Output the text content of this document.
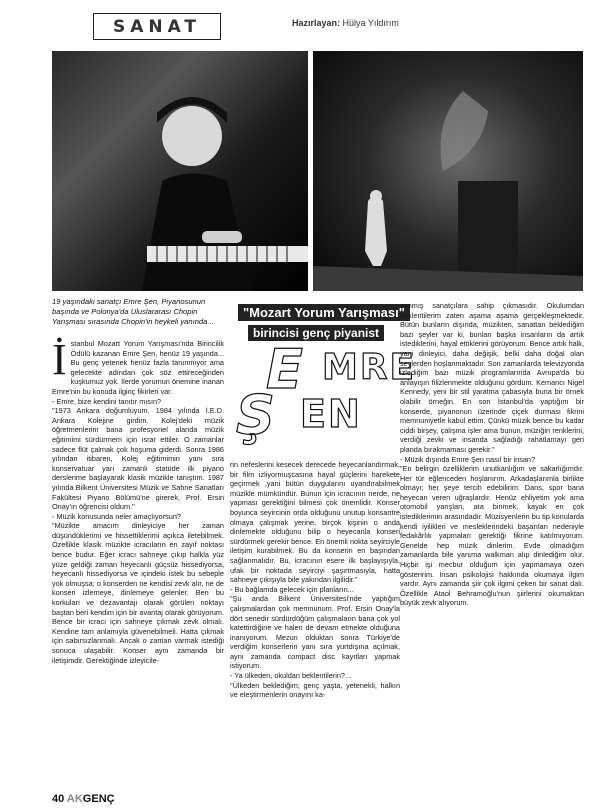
SANAT	Hazırlayan: Hülya Yıldırım
19 yaşındaki sanatçı Emre Şen, Piyanosunun başında ve Polonya'da Uluslararası Chopin Yarışması sırasında Chopin'in heykeli yanında...
"Mozart Yorum Yarışması"
birincisi genç piyanist
E MRE
Ş EN

İstanbul Mozart Yorum Yarışması'nda Birincilik Ödülü kazanan Emre Şen, henüz 19 yaşında... Bu genç yetenek henüz fazla tanınmıyor ama gelecekte adından çok söz ettireceğinden kuşkumuz yok. İlerde yorumun önemine inanan Emre'nin bu konuda ilginç fikirleri var.

- Emre, bize kendini tanıtır mısın?

"1973 Ankara doğumluyum. 1984 yılında İ.E.D. Ankara Kolejine girdim. Kolej'deki müzik öğretmenlerim bana profesyonel alanda müzik eğitimimi sürdürmem için ısrar ettiler. O zamanlar sadece flüt çalmak çok hoşuma giderdi. Sonra 1986 yılından itibaren, Kolej eğitimimin yanı sıra konservatuar yarı zamanlı statüde ilk piyano derslerime başlayarak klasik müzikle tanıştım. 1987 yılında Bilkent Üniversitesi Müzik ve Sahne Sanatları Fakültesi Piyano Bölümü'ne girerek, Prof. Ersin Onay'ın öğrencisi oldum."

- Müzik konusunda neler amaçlıyorsun?

"Müzikte amacım dinleyiciye her zaman düşündüklerimi ve hissettiklerimi açıkca iletebilmek. Özellikle klasik müzikte icracıların en zayıf noktası bence budur. Eğer icracı sahneye çıkıp halkla yüz yüze geldiği zaman heyecanlı güçsüz hissediyorsa, heyecanlı hissediyorsa ve içindeki istek bu sebeple yok olmuşsa; o konserden ne kendisi zevk alır, ne de konseri izlemeye, dinlemeye gelenler. Ben bu korkuları ve dezavantajı olarak görülen noktayı baştan beri kendim için bir avantaj olarak görüyorum. Bence bir icracı için sahneye çıkmak zevk olmalı. Kendine tam anlamıyla güvenebilmeli. Hatta çıkmak için sabırsızlanmalı. Ancak o zaman varmak istediği sonuca ulaşabilir. Konser aynı zamanda bir iletişimdir. Gerektiğinde izleyicile-

rin nefeslerini kesecek derecede heyecanlandırmak, bir film izliyormuşcasına hayal güçlerini harekete geçirmek ,yani bütün duygularını uyandırabilmek müzikle mümkündür. Bunun için icracının nerde, ne yapması gerektiğini bilmesi çok önemlidir. Konser boyunca seyircinin orda olduğunu unutup konsantre olmaya çalışmak yerine, birçok kişinin o anda dinlemekte olduğunu bilip o heyecanla konseri sürdürmek gerekir bence. En önemli nokta seyirciyle iletişim kurabilmek. Bu da konserin en başından sağlanmalıdır. Bu, icracının esere ilk başlayışıyla, ufak bir noktada seyirciyi şaşırtmasıyla, hatta sahneye çıkışıyla bile yakından ilgilidir."

- Bu bağlamda gelecek için planların...

"Şu anda Bilkent Üniversitesi'nde yaptığım çalışmalardan çok memnunum. Prof. Ersin Onay'la dört senedir sürdürdüğüm çalışmaların bana çok yol katettirdiğine ve halen de devam etmekte olduğuna inanıyorum. Mezun olduktan sonra Türkiye'de verdiğim konserlerin yanı sıra yurtdışına açılmak, aynı zamanda compact disc kayıtları yapmak istiyorum.

- Ya ülkeden, okuldan beklentilerin?...

"Ülkeden beklediğim; genç yaşta, yetenekli, halkın ve eleştirmenlerin onayını ka-

zanmış sanatçılara sahip çıkmasıdır. Okulumdan beklentilerim zaten aşama aşama gerçekleşmektedir. Bütün bunların dışında, müzikten, sanattan beklediğim bazı şeyler var ki, bunları başka insanların da artık istediklerini, hayal ettiklerini görüyorum. Bence artık halk, yani dinleyici, daha değişik, belki daha doğal olan seylerden hoşlanmaktadır. Son zamanlarda televizyonda izlediğim bazı müzik programlarında Avrupa'da bu anlayışın filizlenmekte olduğunu gördüm. Kemancı Nigel Kennedy, yeni bir stil yaratma çabasıyla buna bir örnek olabilir örneğin. En son İstanbul'da yaptığım bir konserde, piyanonun üzerinde çiçek durması fikrini memnuniyetle kabul ettim. Çünkü müzik bence bu kadar ciddi birşey, çalışma işler ama bunun, müziğin renklerini, verdiği zevki ve insanda sağladığı rahatlamayı geri planda bırakmaması gerekir."

- Müzik dışında Emre Şen nasıl bir insan?

"En belirgin özelliklerim unutkanlığım ve sakarlığımdır. Her tür eğlenceden hoşlanırım. Arkadaşlarımla birlikte olmayı; her şeye tercih edebilirim. Dans, spor bana heyecan veren uğraşlardır. Henüz ehliyetim yok ama otomobil yarışları, ata binmek, kayak en çok istediklerimin arasındadır. Müzisyenlerin bu tip konularda kendi iyilikleri ve mesleklerindeki başarıları nedeniyle fedakârlık yapmaları gerektiği fikrine katılmıyorum. Genelde hep müzik dinlerim. Evde olmadığım zamanlarda bile yanıma walkman alıp dinlediğim olur. Hiçbir işi mecbur olduğum için yapmamaya özen gösteririm. İnsan psikolojisi hakkında okumaya ilgim vardır. Aynı zamanda şiir çok ilgimi çeken bir sanat dalı. Özellikle Ataol Behramoğlu'nun şiirlerini okumaktan büyük zevk alıyorum.

40 AKGENÇ
